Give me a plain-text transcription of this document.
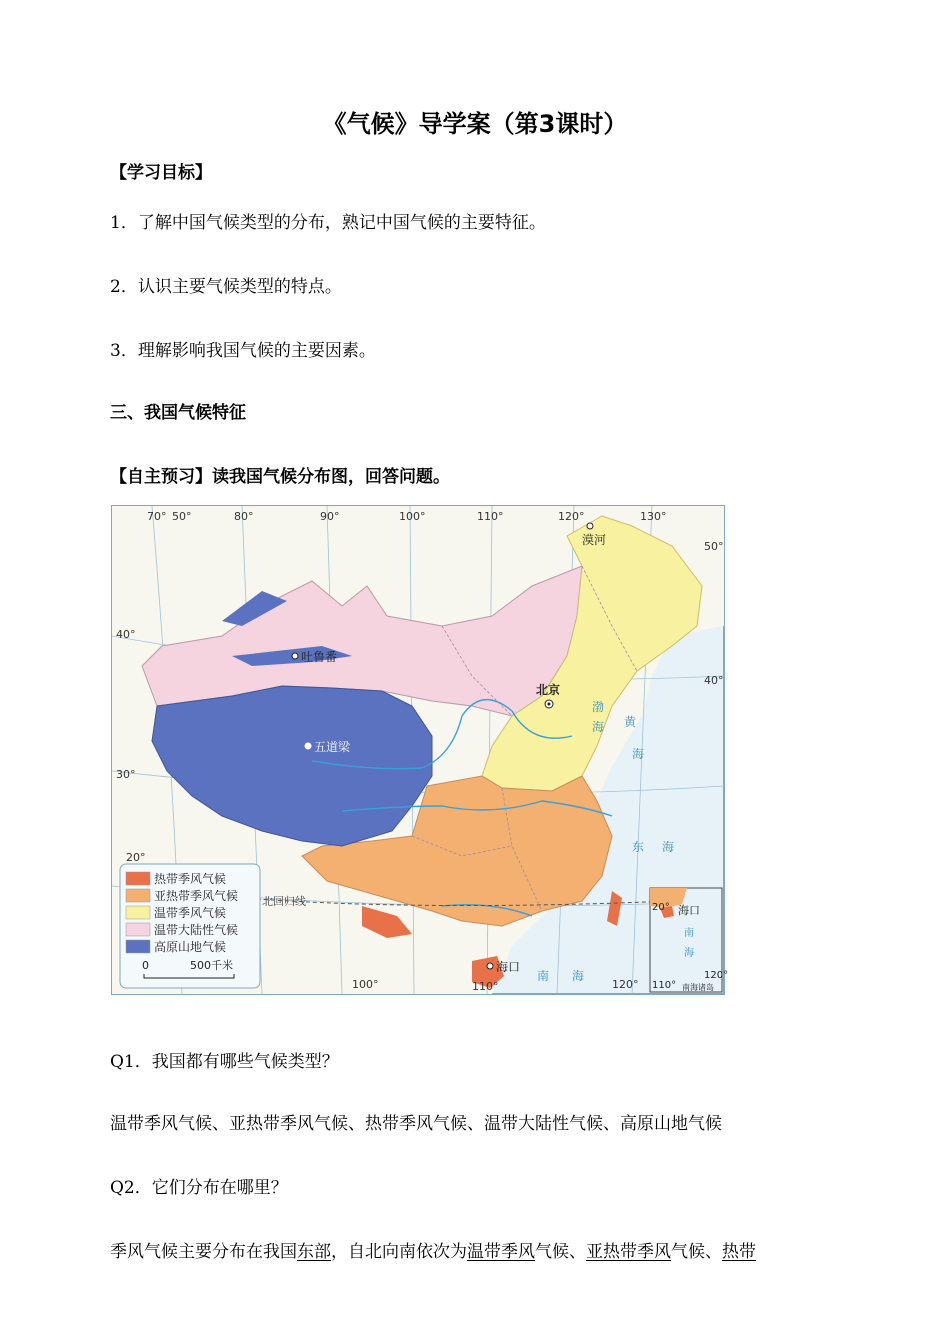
《气候》导学案（第3课时）
【学习目标】
1．了解中国气候类型的分布，熟记中国气候的主要特征。
2．认识主要气候类型的特点。
3．理解影响我国气候的主要因素。
三、我国气候特征
【自主预习】读我国气候分布图，回答问题。
70° 50°	80°	90°	100°	110°	120°	130°
40°
30°
20°
50°
40°
100°	110°	120°
漠河
吐鲁番
北京
五道梁
海口
渤
海 黄
海
东 海
南 海
北回归线
热带季风气候
亚热带季风气候
温带季风气候
温带大陆性气候
高原山地气候
0	500千米
海口
20°
110°
120°
南海诸岛
南
海
Q1．我国都有哪些气候类型？
温带季风气候、亚热带季风气候、热带季风气候、温带大陆性气候、高原山地气候
Q2．它们分布在哪里？
季风气候主要分布在我国东部，自北向南依次为温带季风气候、亚热带季风气候、热带
